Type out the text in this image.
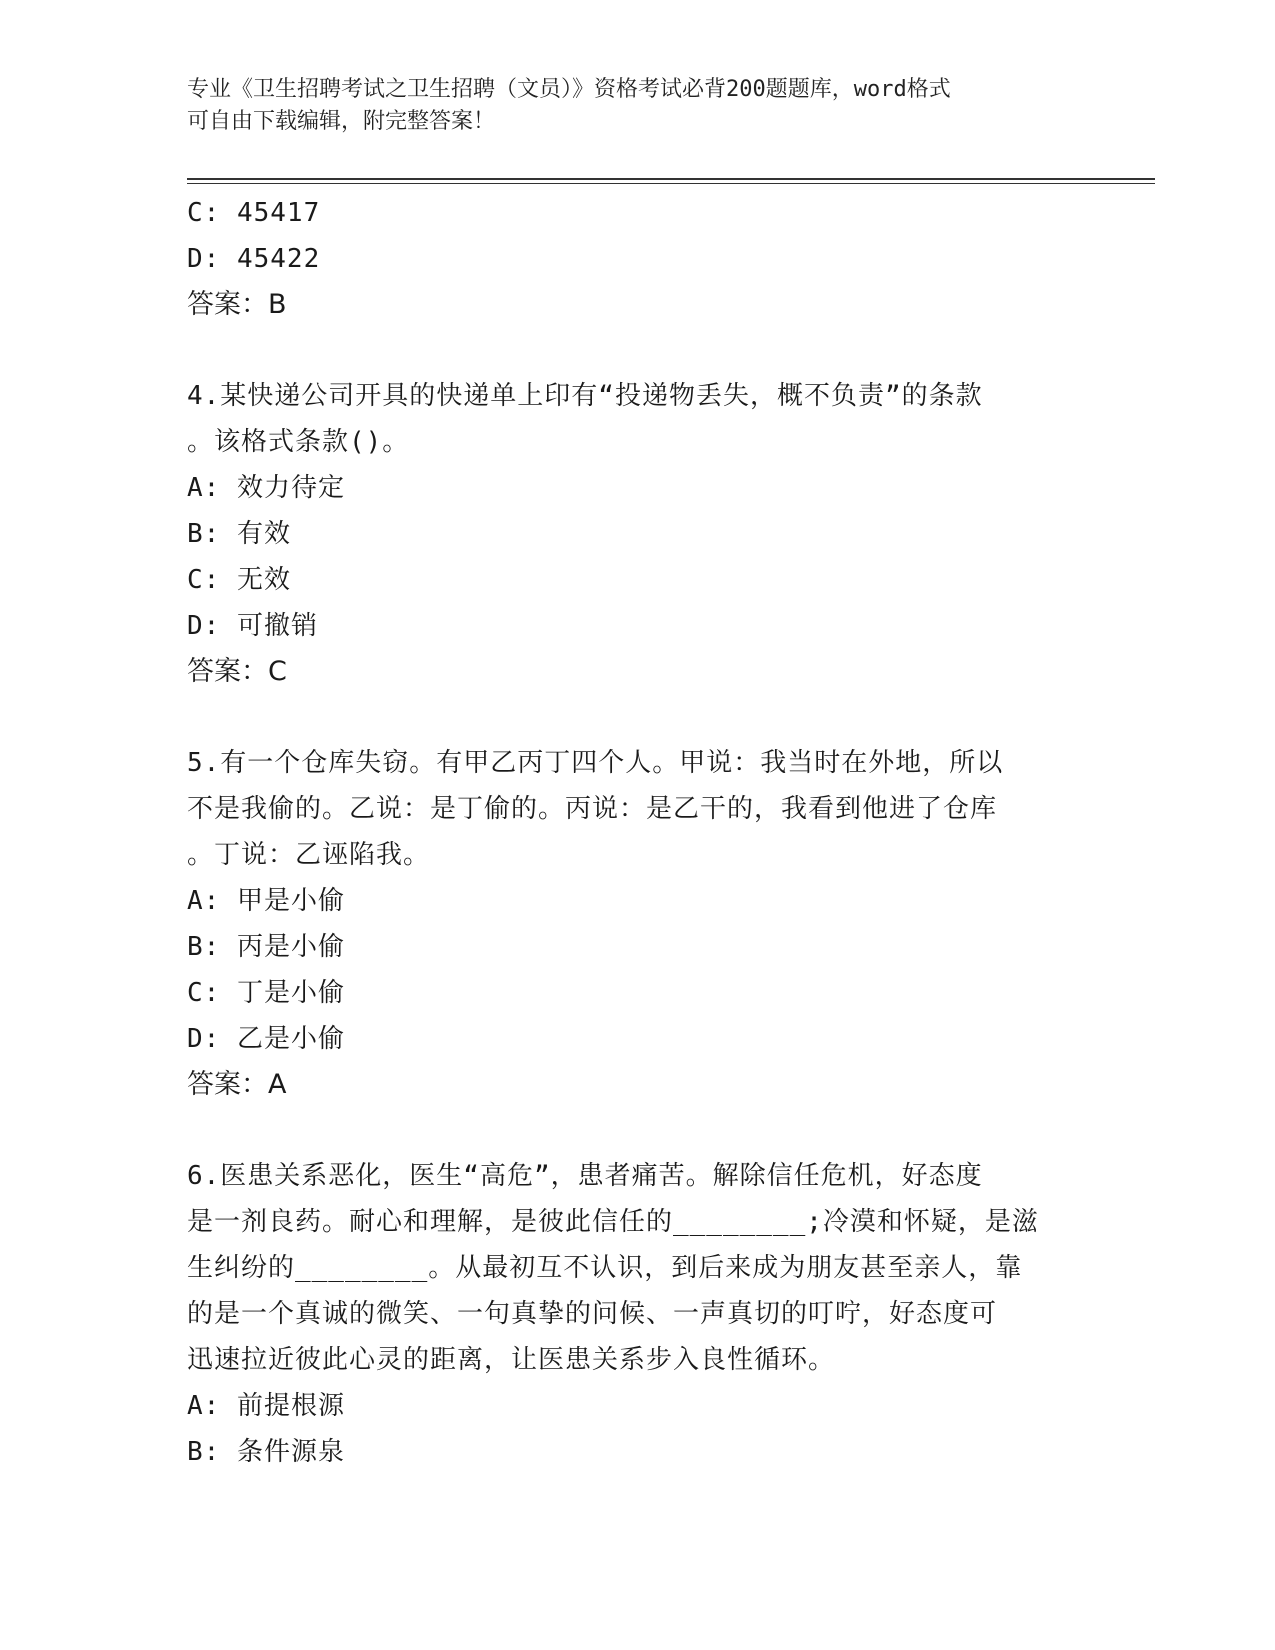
专业《卫生招聘考试之卫生招聘（文员）》资格考试必背200题题库，word格式
可自由下载编辑，附完整答案！
C: 45417
D: 45422
答案：B
4.某快递公司开具的快递单上印有“投递物丢失，概不负责”的条款
。该格式条款()。
A: 效力待定
B: 有效
C: 无效
D: 可撤销
答案：C
5.有一个仓库失窃。有甲乙丙丁四个人。甲说：我当时在外地，所以
不是我偷的。乙说：是丁偷的。丙说：是乙干的，我看到他进了仓库
。丁说：乙诬陷我。
A: 甲是小偷
B: 丙是小偷
C: 丁是小偷
D: 乙是小偷
答案：A
6.医患关系恶化，医生“高危”，患者痛苦。解除信任危机，好态度
是一剂良药。耐心和理解，是彼此信任的________;冷漠和怀疑，是滋
生纠纷的________。从最初互不认识，到后来成为朋友甚至亲人，靠
的是一个真诚的微笑、一句真挚的问候、一声真切的叮咛，好态度可
迅速拉近彼此心灵的距离，让医患关系步入良性循环。
A: 前提根源
B: 条件源泉
